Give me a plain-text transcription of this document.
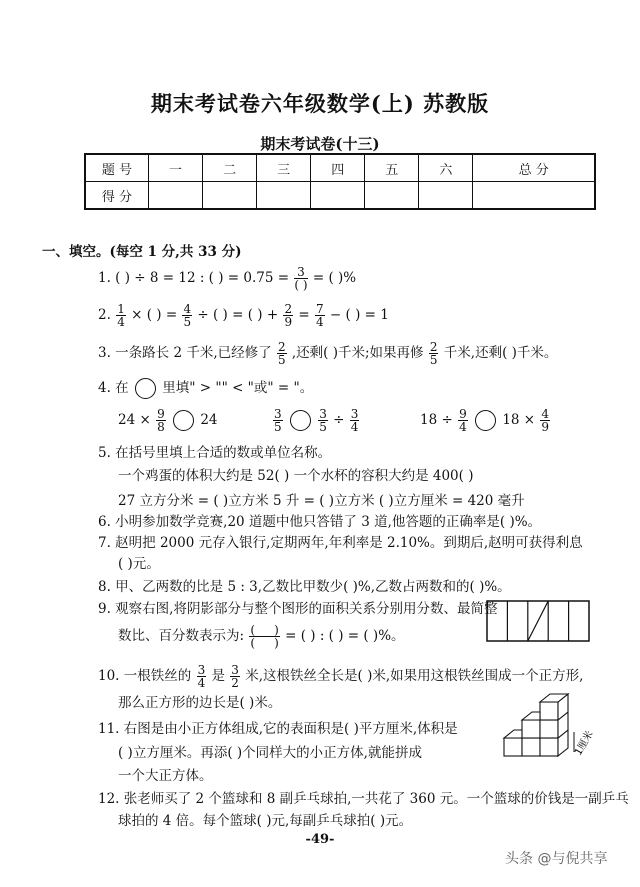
期末考试卷六年级数学(上) 苏教版
期末考试卷(十三)
题 号	一	二	三	四	五	六	总 分
得 分							
一、填空。(每空 1 分,共 33 分)
1. ( ) ÷ 8 = 12 : ( ) = $0.75 = \frac{3}{( )}$ = ( )%
2. $\frac{1}{4}$ × ( ) = $\frac{4}{5}$ ÷ ( ) = ( ) + $\frac{2}{9} = \frac{7}{4}$ − ( ) = 1
3. 一条路长 2 千米,已经修了 $\frac{2}{5}$ ,还剩( )千米;如果再修 $\frac{2}{5}$ 千米,还剩( )千米。
4. 在 里填" > "" < "或" = "。
$24 \times \frac{9}{8}$	24	$\frac{3}{5}$
	$\frac{3}{5} \div \frac{3}{4}$	$18 \div \frac{9}{4}$	$18 \times \frac{4}{9}$
5. 在括号里填上合适的数或单位名称。
一个鸡蛋的体积大约是 52( ) 一个水杯的容积大约是 400( )
27 立方分米 = ( )立方米 5 升 = ( )立方米 ( )立方厘米 = 420 毫升
6. 小明参加数学竞赛,20 道题中他只答错了 3 道,他答题的正确率是( )%。
7. 赵明把 2000 元存入银行,定期两年,年利率是 2.10%。到期后,赵明可获得利息
( )元。
8. 甲、乙两数的比是 5 : 3,乙数比甲数少( )%,乙数占两数和的( )%。
9. 观察右图,将阴影部分与整个图形的面积关系分别用分数、最简整
数比、百分数表示为: $\frac{( )}{( )}$ = ( ) : ( ) = ( )%。
10. 一根铁丝的 $\frac{3}{4}$ 是 $\frac{3}{2}$ 米,这根铁丝全长是( )米,如果用这根铁丝围成一个正方形,
那么正方形的边长是( )米。
11. 右图是由小正方体组成,它的表面积是( )平方厘米,体积是
( )立方厘米。再添( )个同样大的小正方体,就能拼成
一个大正方体。
1厘米
12. 张老师买了 2 个篮球和 8 副乒乓球拍,一共花了 360 元。一个篮球的价钱是一副乒乓
球拍的 4 倍。每个篮球( )元,每副乒乓球拍( )元。
-49-
头条 @与倪共享
